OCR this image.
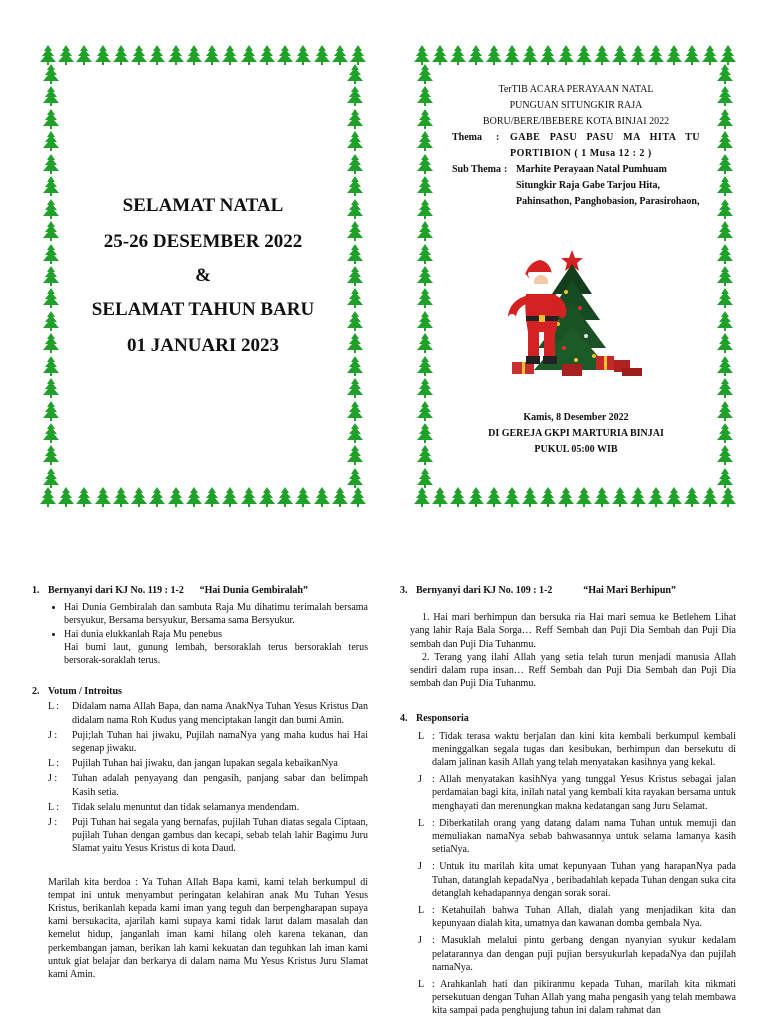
SELAMAT NATAL
25-26 DESEMBER 2022
&
SELAMAT TAHUN BARU
01 JANUARI 2023
TerTIB ACARA PERAYAAN NATAL
PUNGUAN SITUNGKIR RAJA
BORU/BERE/IBEBERE KOTA BINJAI 2022
Thema	:	GABE PASU PASU MA HITA TU PORTIBION ( 1 Musa 12 : 2 )
Sub Thema : Marhite Perayaan Natal Pumhuam Situngkir Raja Gabe Tarjou Hita, Pahinsathon, Panghobasion, Parasirohaon,
Kamis, 8 Desember 2022
DI GEREJA GKPI MARTURIA BINJAI
PUKUL 05:00 WIB
1. Bernyanyi dari KJ No. 119 : 1-2 “Hai Dunia Gembiralah”
• Hai Dunia Gembiralah dan sambuta Raja Mu dihatimu terimalah bersama bersyukur, Bersama bersyukur, Bersama sama Bersyukur.
• Hai dunia elukkanlah Raja Mu penebus
Hai bumi laut, gunung lembah, bersoraklah terus bersoraklah terus bersorak-soraklah terus.
2. Votum / Introitus
L :	Didalam nama Allah Bapa, dan nama AnakNya Tuhan Yesus Kristus Dan didalam nama Roh Kudus yang menciptakan langit dan bumi Amin.
J :	Puji;lah Tuhan hai jiwaku, Pujilah namaNya yang maha kudus hai Hai segenap jiwaku.
L :	Pujilah Tuhan hai jiwaku, dan jangan lupakan segala kebaikanNya
J :	Tuhan adalah penyayang dan pengasih, panjang sabar dan belimpah Kasih setia.
L :	Tidak selalu menuntut dan tidak selamanya mendendam.
J :	Puji Tuhan hai segala yang bernafas, pujilah Tuhan diatas segala Ciptaan, pujilah Tuhan dengan gambus dan kecapi, sebab telah lahir Bagimu Juru Slamat yaitu Yesus Kristus di kota Daud.
Marilah kita berdoa : Ya Tuhan Allah Bapa kami, kami telah berkumpul di tempat ini untuk menyambut peringatan kelahiran anak Mu Tuhan Yesus Kristus, berikanlah kepada kami iman yang teguh dan berpengharapan supaya kami bersukacita, ajarilah kami supaya kami tidak larut dalam masalah dan kemelut hidup, janganlah iman kami hilang oleh karena tekanan, dan perkembangan jaman, berikan lah kami kekuatan dan teguhkan lah iman kami untuk giat belajar dan berkarya di dalam nama Mu Yesus Kristus Juru Slamat kami Amin.
3. Bernyanyi dari KJ No. 109 : 1-2	“Hai Mari Berhipun”
1. Hai mari berhimpun dan bersuka ria Hai mari semua ke Betlehem Lihat yang lahir Raja Bala Sorga… Reff Sembah dan Puji Dia Sembah dan Puji Dia sembah dan Puji Dia Tuhanmu.
2. Terang yang ilahi Allah yang setia telah turun menjadi manusia Allah sendiri dalam rupa insan… Reff Sembah dan Puji Dia Sembah dan Puji Dia sembah dan Puji Dia Tuhanmu.
4. Responsoria
L : Tidak terasa waktu berjalan dan kini kita kembali berkumpul kembali meninggalkan segala tugas dan kesibukan, berhimpun dan bersekutu di dalam jalinan kasih Allah yang telah menyatakan kasihnya yang kekal.
J	: Allah menyatakan kasihNya yang tunggal Yesus Kristus sebagai jalan perdamaian bagi kita, inilah natal yang kembali kita rayakan bersama untuk menghayati dan merenungkan makna kedatangan sang Juru Selamat.
L : Diberkatilah orang yang datang dalam nama Tuhan untuk memuji dan memuliakan namaNya sebab bahwasannya untuk selama lamanya kasih setiaNya.
J	: Untuk itu marilah kita umat kepunyaan Tuhan yang harapanNya pada Tuhan, datanglah kepadaNya , beribadahlah kepada Tuhan dengan suka cita detanglah kehadapannya dengan sorak sorai.
L : Ketahuilah bahwa Tuhan Allah, dialah yang menjadikan kita dan kepunyaan dialah kita, umatnya dan kawanan domba gembala Nya.
J	: Masuklah melalui pintu gerbang dengan nyanyian syukur kedalam pelatarannya dan dengan puji pujian bersyukurlah kepadaNya dan pujilah namaNya.
L : Arahkanlah hati dan pikiranmu kepada Tuhan, marilah kita nikmati persekutuan dengan Tuhan Allah yang maha pengasih yang telah membawa kita sampai pada penghujung tahun ini dalam rahmat dan
